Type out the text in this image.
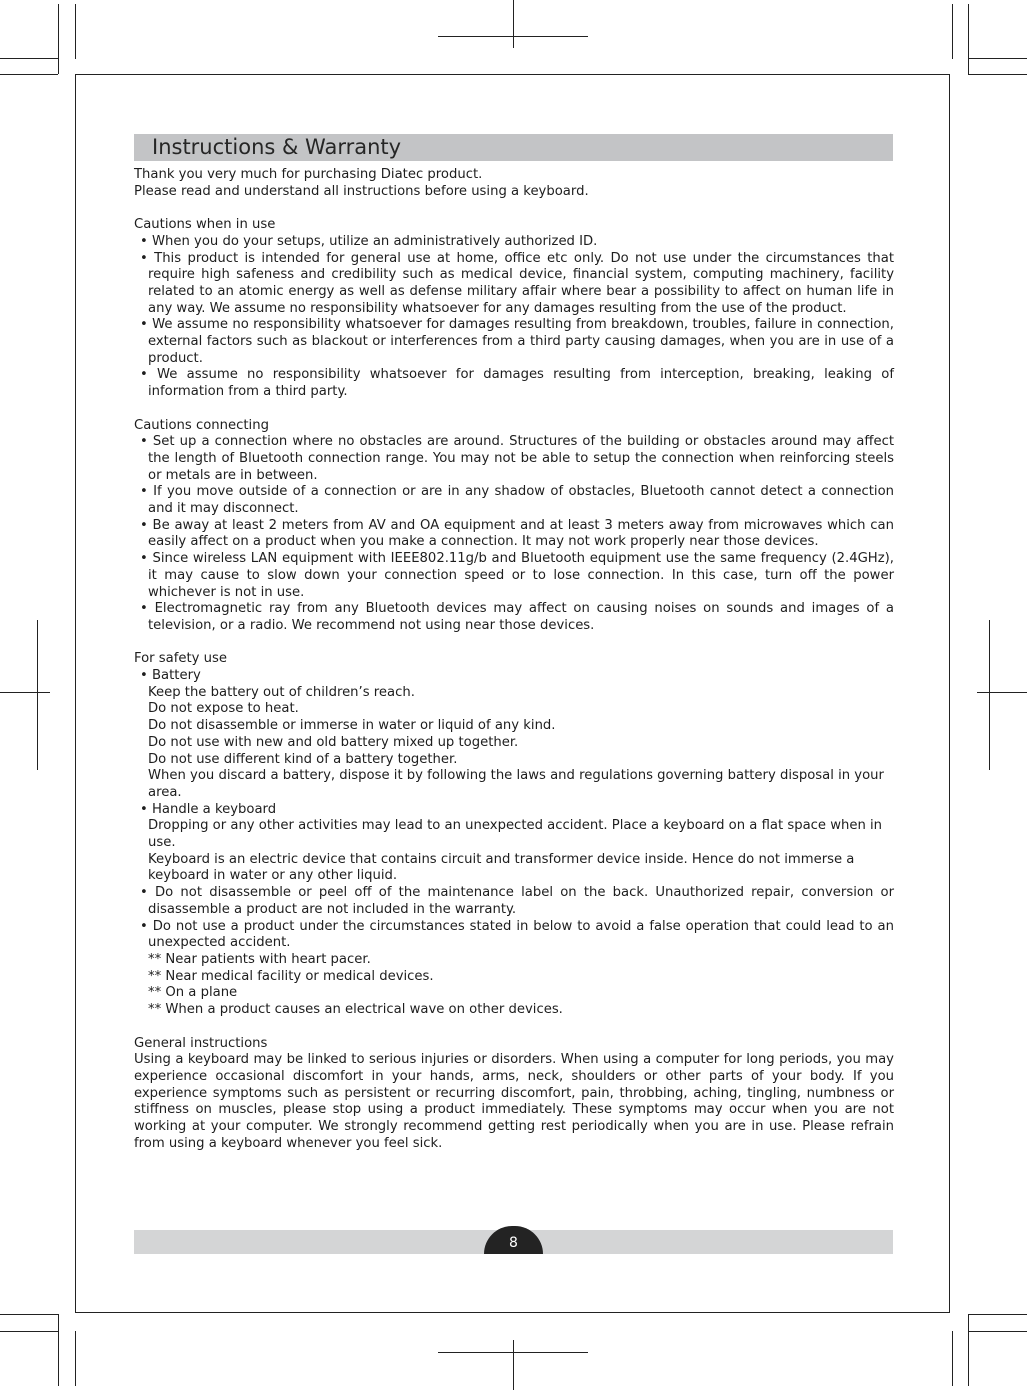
Instructions & Warranty

Thank you very much for purchasing Diatec product.

Please read and understand all instructions before using a keyboard.

Cautions when in use

• When you do your setups, utilize an administratively authorized ID.

• This product is intended for general use at home, office etc only. Do not use under the circumstances that require high safeness and credibility such as medical device, financial system, computing machinery, facility related to an atomic energy as well as defense military affair where bear a possibility to affect on human life in any way. We assume no responsibility whatsoever for any damages resulting from the use of the product.

• We assume no responsibility whatsoever for damages resulting from breakdown, troubles, failure in connection, external factors such as blackout or interferences from a third party causing damages, when you are in use of a product.

• We assume no responsibility whatsoever for damages resulting from interception, breaking, leaking of information from a third party.

Cautions connecting

• Set up a connection where no obstacles are around. Structures of the building or obstacles around may affect the length of Bluetooth connection range. You may not be able to setup the connection when reinforcing steels or metals are in between.

• If you move outside of a connection or are in any shadow of obstacles, Bluetooth cannot detect a connection and it may disconnect.

• Be away at least 2 meters from AV and OA equipment and at least 3 meters away from microwaves which can easily affect on a product when you make a connection. It may not work properly near those devices.

• Since wireless LAN equipment with IEEE802.11g/b and Bluetooth equipment use the same frequency (2.4GHz), it may cause to slow down your connection speed or to lose connection. In this case, turn off the power whichever is not in use.

• Electromagnetic ray from any Bluetooth devices may affect on causing noises on sounds and images of a television, or a radio. We recommend not using near those devices.

For safety use

• Battery

Keep the battery out of children’s reach.

Do not expose to heat.

Do not disassemble or immerse in water or liquid of any kind.

Do not use with new and old battery mixed up together.

Do not use different kind of a battery together.

When you discard a battery, dispose it by following the laws and regulations governing battery disposal in your area.

• Handle a keyboard

Dropping or any other activities may lead to an unexpected accident. Place a keyboard on a flat space when in use.

Keyboard is an electric device that contains circuit and transformer device inside. Hence do not immerse a keyboard in water or any other liquid.

• Do not disassemble or peel off of the maintenance label on the back. Unauthorized repair, conversion or disassemble a product are not included in the warranty.

• Do not use a product under the circumstances stated in below to avoid a false operation that could lead to an unexpected accident.

** Near patients with heart pacer.

** Near medical facility or medical devices.

** On a plane

** When a product causes an electrical wave on other devices.

General instructions

Using a keyboard may be linked to serious injuries or disorders. When using a computer for long periods, you may experience occasional discomfort in your hands, arms, neck, shoulders or other parts of your body. If you experience symptoms such as persistent or recurring discomfort, pain, throbbing, aching, tingling, numbness or stiffness on muscles, please stop using a product immediately. These symptoms may occur when you are not working at your computer. We strongly recommend getting rest periodically when you are in use. Please refrain from using a keyboard whenever you feel sick.

8
